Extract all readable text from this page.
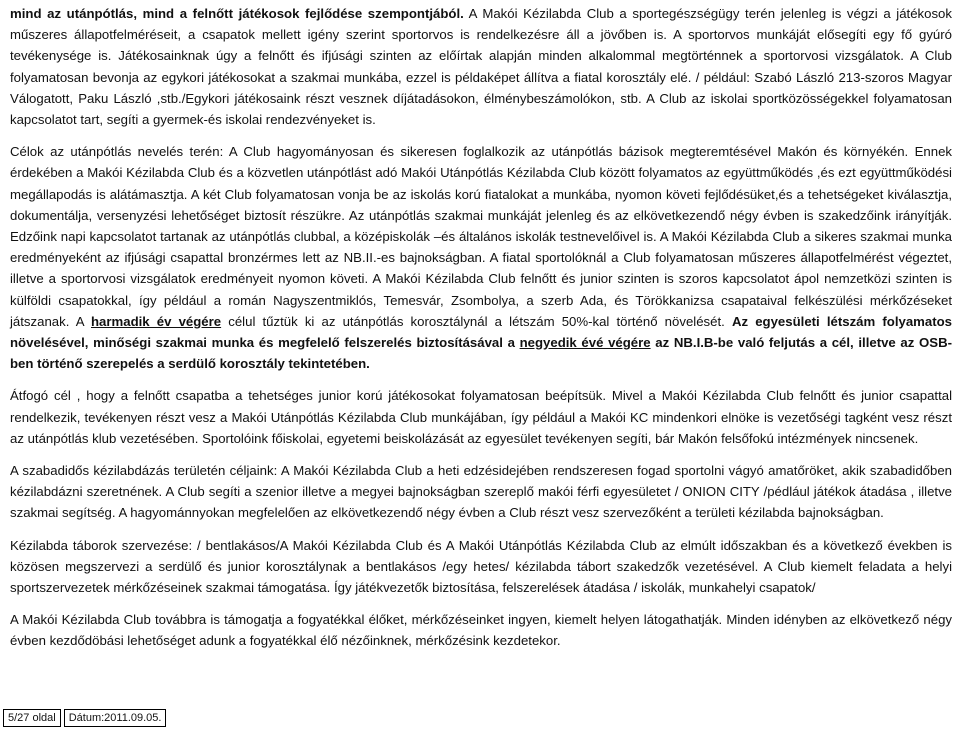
mind az utánpótlás, mind a felnőtt játékosok fejlődése szempontjából. A Makói Kézilabda Club a sportegészségügy terén jelenleg is végzi a játékosok műszeres állapotfelméréseit, a csapatok mellett igény szerint sportorvos is rendelkezésre áll a jövőben is. A sportorvos munkáját elősegíti egy fő gyúró tevékenysége is. Játékosainknak úgy a felnőtt és ifjúsági szinten az előírtak alapján minden alkalommal megtörténnek a sportorvosi vizsgálatok. A Club folyamatosan bevonja az egykori játékosokat a szakmai munkába, ezzel is példaképet állítva a fiatal korosztály elé. / például: Szabó László 213-szoros Magyar Válogatott, Paku László ,stb./Egykori játékosaink részt vesznek díjátadásokon, élménybeszámolókon, stb. A Club az iskolai sportközösségekkel folyamatosan kapcsolatot tart, segíti a gyermek-és iskolai rendezvényeket is.

Célok az utánpótlás nevelés terén: A Club hagyományosan és sikeresen foglalkozik az utánpótlás bázisok megteremtésével Makón és környékén. Ennek érdekében a Makói Kézilabda Club és a közvetlen utánpótlást adó Makói Utánpótlás Kézilabda Club között folyamatos az együttműködés ,és ezt együttműködési megállapodás is alátámasztja. A két Club folyamatosan vonja be az iskolás korú fiatalokat a munkába, nyomon követi fejlődésüket,és a tehetségeket kiválasztja, dokumentálja, versenyzési lehetőséget biztosít részükre. Az utánpótlás szakmai munkáját jelenleg és az elkövetkezendő négy évben is szakedzőink irányítják. Edzőink napi kapcsolatot tartanak az utánpótlás clubbal, a középiskolák –és általános iskolák testnevelőivel is. A Makói Kézilabda Club a sikeres szakmai munka eredményeként az ifjúsági csapattal bronzérmes lett az NB.II.-es bajnokságban. A fiatal sportolóknál a Club folyamatosan műszeres állapotfelmérést végeztet, illetve a sportorvosi vizsgálatok eredményeit nyomon követi. A Makói Kézilabda Club felnőtt és junior szinten is szoros kapcsolatot ápol nemzetközi szinten is külföldi csapatokkal, így például a román Nagyszentmiklós, Temesvár, Zsombolya, a szerb Ada, és Törökkanizsa csapataival felkészülési mérkőzéseket játszanak. A harmadik év végére célul tűztük ki az utánpótlás korosztálynál a létszám 50%-kal történő növelését. Az egyesületi létszám folyamatos növelésével, minőségi szakmai munka és megfelelő felszerelés biztosításával a negyedik évé végére az NB.I.B-be való feljutás a cél, illetve az OSB-ben történő szerepelés a serdülő korosztály tekintetében.

Átfogó cél , hogy a felnőtt csapatba a tehetséges junior korú játékosokat folyamatosan beépítsük. Mivel a Makói Kézilabda Club felnőtt és junior csapattal rendelkezik, tevékenyen részt vesz a Makói Utánpótlás Kézilabda Club munkájában, így például a Makói KC mindenkori elnöke is vezetőségi tagként vesz részt az utánpótlás klub vezetésében. Sportolóink főiskolai, egyetemi beiskolázását az egyesület tevékenyen segíti, bár Makón felsőfokú intézmények nincsenek.

A szabadidős kézilabdázás területén céljaink: A Makói Kézilabda Club a heti edzésidejében rendszeresen fogad sportolni vágyó amatőröket, akik szabadidőben kézilabdázni szeretnének. A Club segíti a szenior illetve a megyei bajnokságban szereplő makói férfi egyesületet / ONION CITY /pédlául játékok átadása , illetve szakmai segítség. A hagyománnyokan megfelelően az elkövetkezendő négy évben a Club részt vesz szervezőként a területi kézilabda bajnokságban.

Kézilabda táborok szervezése: / bentlakásos/A Makói Kézilabda Club és A Makói Utánpótlás Kézilabda Club az elmúlt időszakban és a következő években is közösen megszervezi a serdülő és junior korosztálynak a bentlakásos /egy hetes/ kézilabda tábort szakedzők vezetésével. A Club kiemelt feladata a helyi sportszervezetek mérkőzéseinek szakmai támogatása. Így játékvezetők biztosítása, felszerelések átadása / iskolák, munkahelyi csapatok/

A Makói Kézilabda Club továbbra is támogatja a fogyatékkal élőket, mérkőzéseinket ingyen, kiemelt helyen látogathatják. Minden idényben az elkövetkező négy évben kezdődöbási lehetőséget adunk a fogyatékkal élő nézőinknek, mérkőzésink kezdetekor.

5/27 oldal	Dátum:2011.09.05.
